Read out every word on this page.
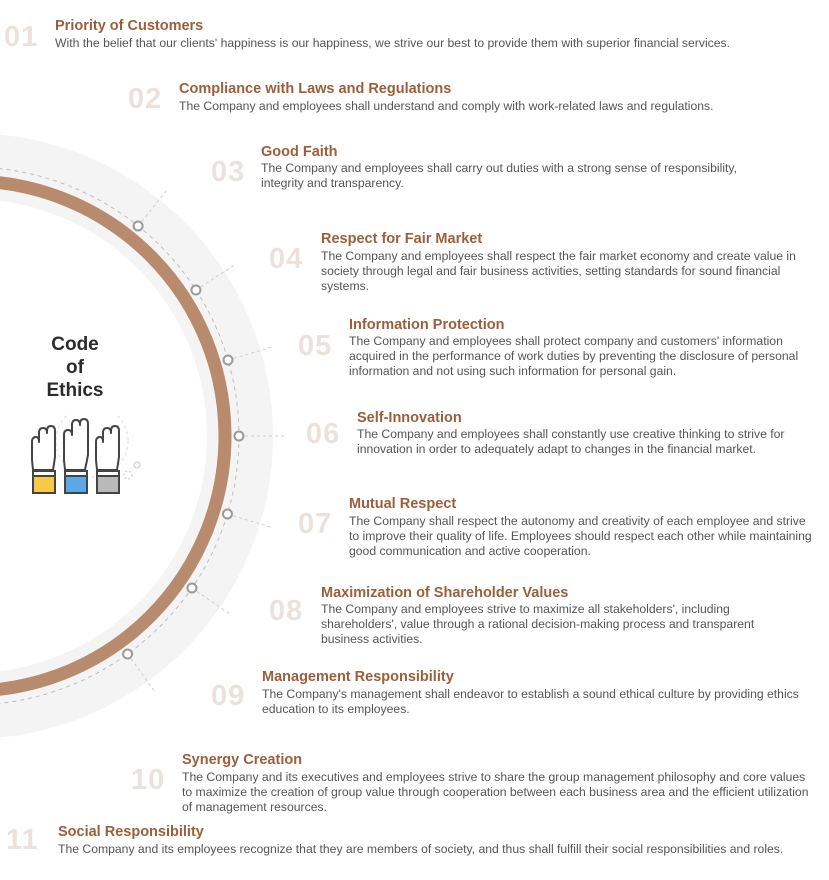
Code
of
Ethics
01 Priority of Customers
With the belief that our clients' happiness is our happiness, we strive our best to provide them with superior financial services.
02 Compliance with Laws and Regulations
The Company and employees shall understand and comply with work-related laws and regulations.
03
Good Faith
The Company and employees shall carry out duties with a strong sense of responsibility, integrity and transparency.
04
Respect for Fair Market
The Company and employees shall respect the fair market economy and create value in society through legal and fair business activities, setting standards for sound financial systems.
05
Information Protection
The Company and employees shall protect company and customers' information acquired in the performance of work duties by preventing the disclosure of personal information and not using such information for personal gain.
06 Self-Innovation
The Company and employees shall constantly use creative thinking to strive for innovation in order to adequately adapt to changes in the financial market.
07
Mutual Respect
The Company shall respect the autonomy and creativity of each employee and strive to improve their quality of life. Employees should respect each other while maintaining good communication and active cooperation.
08
Maximization of Shareholder Values
The Company and employees strive to maximize all stakeholders', including shareholders', value through a rational decision-making process and transparent business activities.
09
Management Responsibility
The Company's management shall endeavor to establish a sound ethical culture by providing ethics education to its employees.
10
Synergy Creation
The Company and its executives and employees strive to share the group management philosophy and core values to maximize the creation of group value through cooperation between each business area and the efficient utilization of management resources.
11 Social Responsibility
The Company and its employees recognize that they are members of society, and thus shall fulfill their social responsibilities and roles.
